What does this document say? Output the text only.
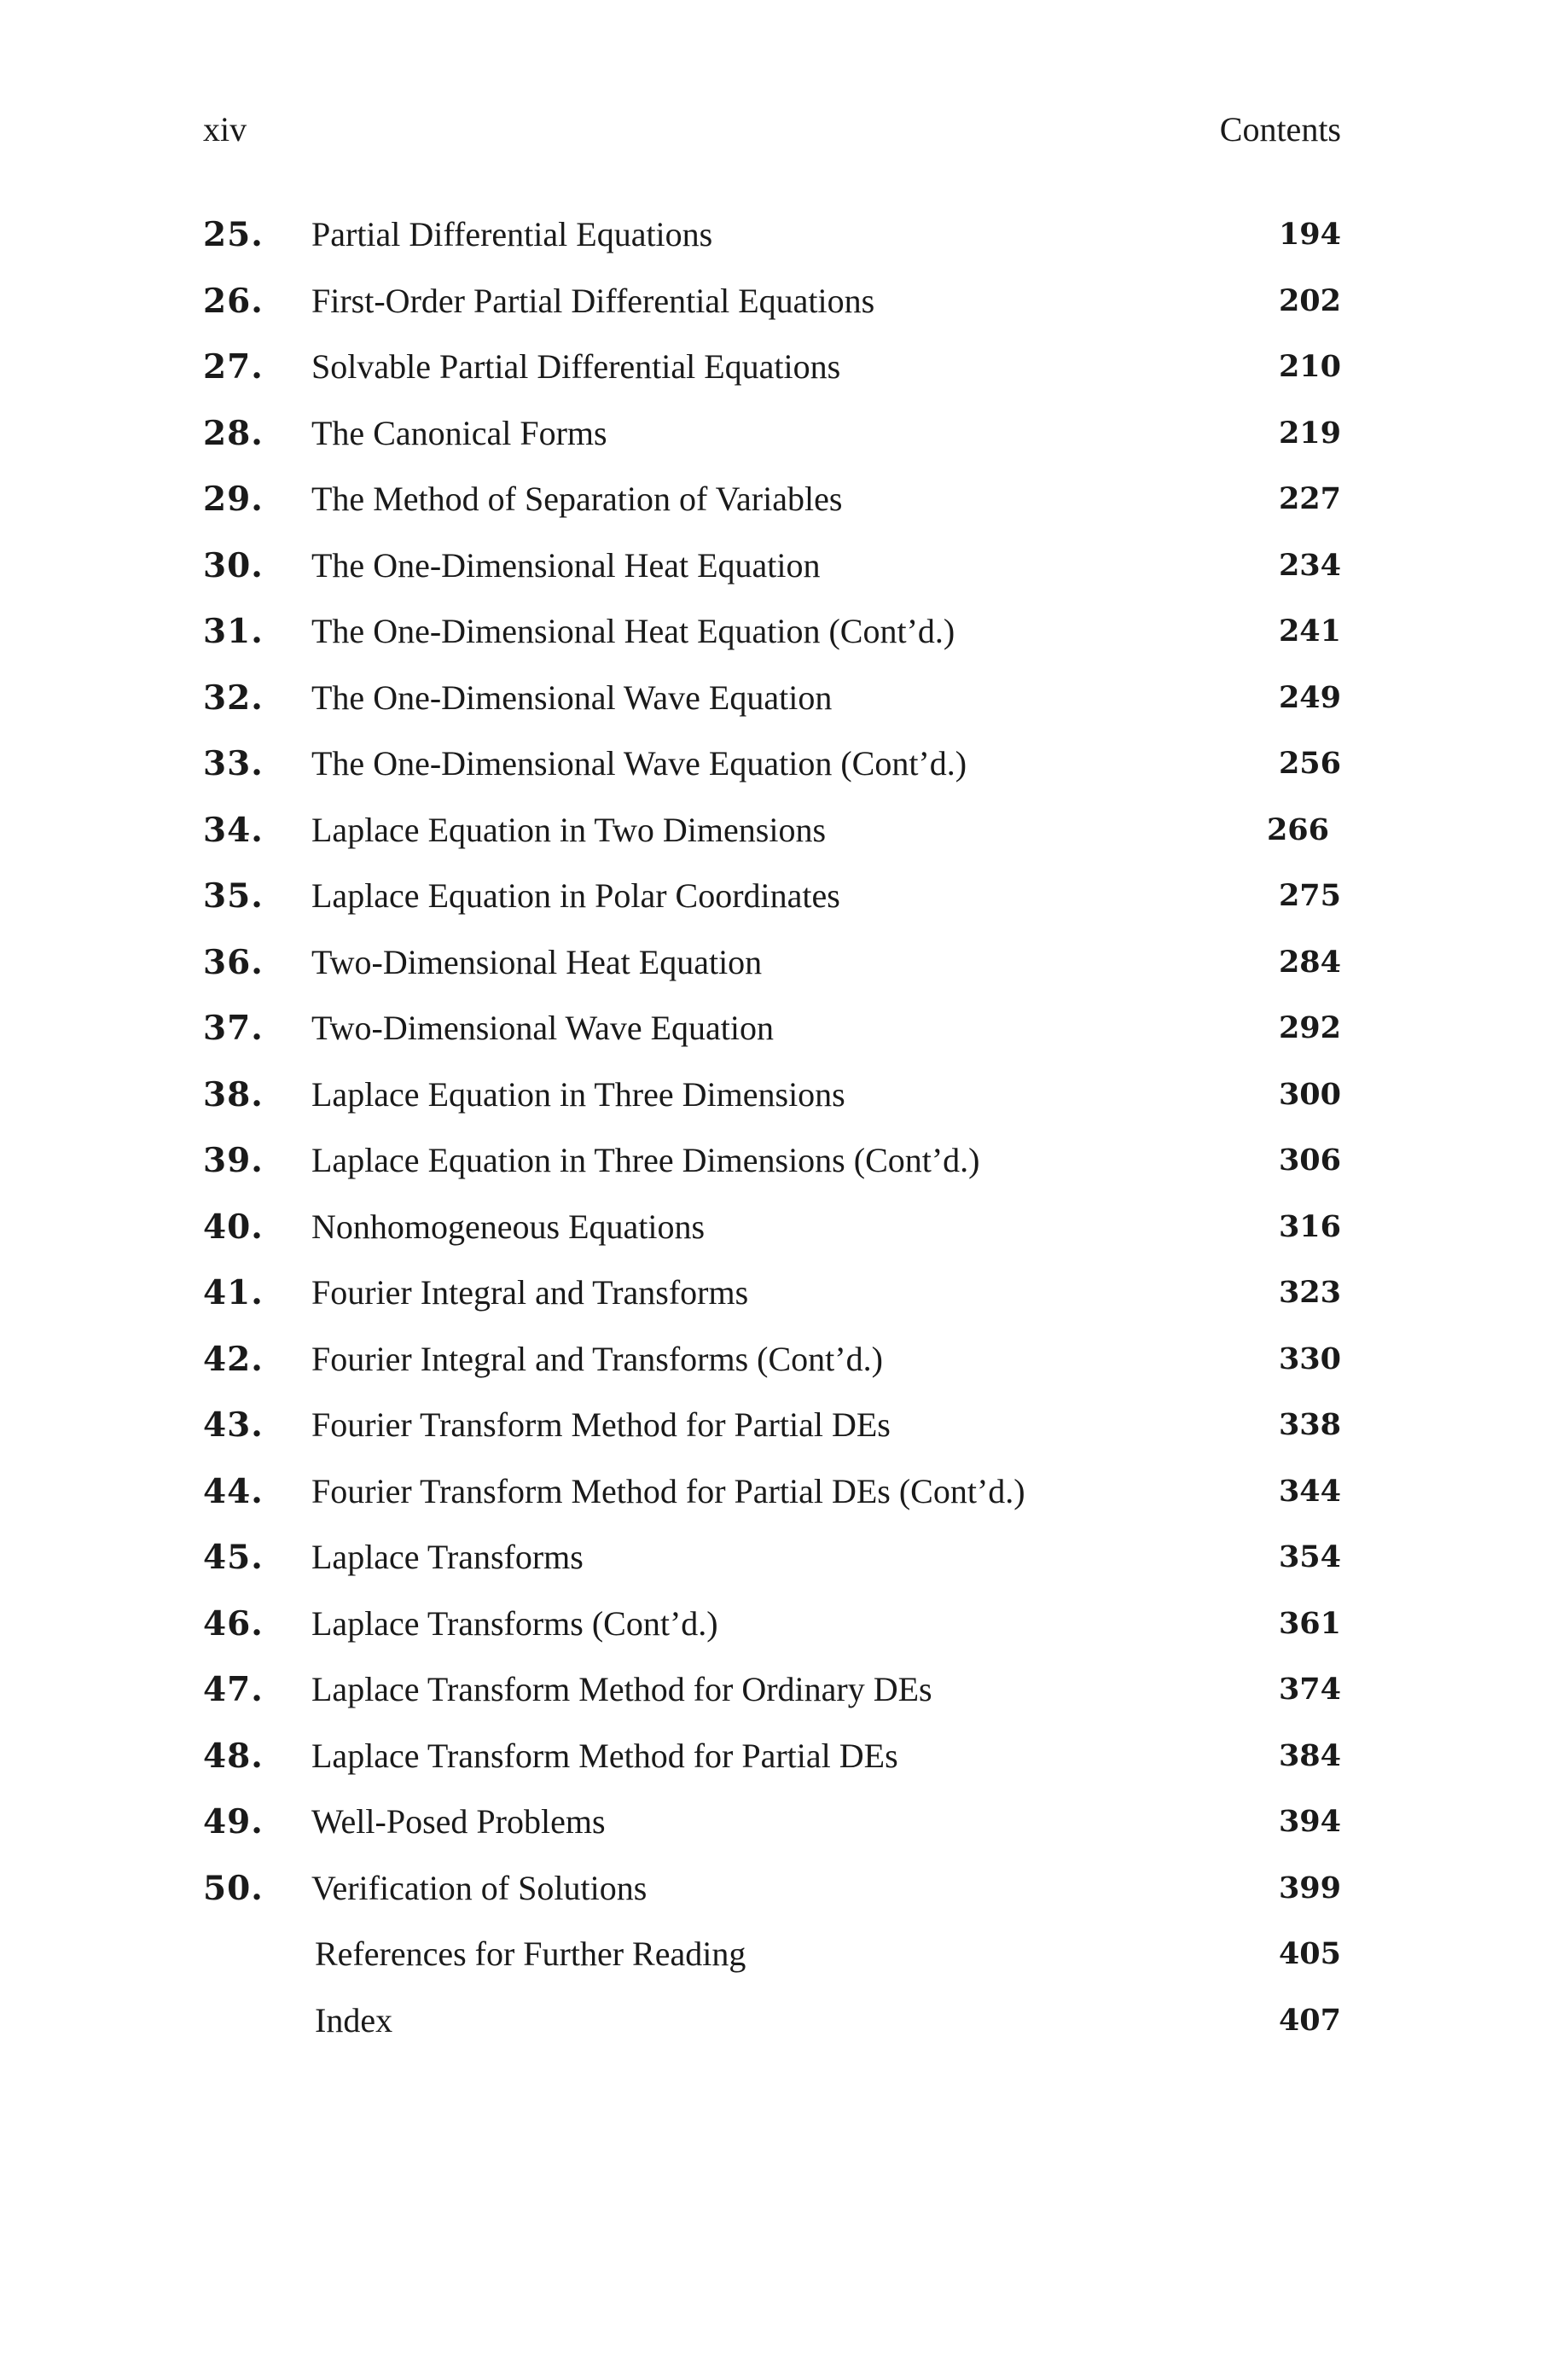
xiv	Contents
25. Partial Differential Equations	194
26. First-Order Partial Differential Equations	202
27. Solvable Partial Differential Equations	210
28. The Canonical Forms	219
29. The Method of Separation of Variables	227
30. The One-Dimensional Heat Equation	234
31. The One-Dimensional Heat Equation (Cont’d.)	241
32. The One-Dimensional Wave Equation	249
33. The One-Dimensional Wave Equation (Cont’d.)	256
34. Laplace Equation in Two Dimensions	266
35. Laplace Equation in Polar Coordinates	275
36. Two-Dimensional Heat Equation	284
37. Two-Dimensional Wave Equation	292
38. Laplace Equation in Three Dimensions	300
39. Laplace Equation in Three Dimensions (Cont’d.)	306
40. Nonhomogeneous Equations	316
41. Fourier Integral and Transforms	323
42. Fourier Integral and Transforms (Cont’d.)	330
43. Fourier Transform Method for Partial DEs	338
44. Fourier Transform Method for Partial DEs (Cont’d.)	344
45. Laplace Transforms	354
46. Laplace Transforms (Cont’d.)	361
47. Laplace Transform Method for Ordinary DEs	374
48. Laplace Transform Method for Partial DEs	384
49. Well-Posed Problems	394
50. Verification of Solutions	399
References for Further Reading	405
Index	407
